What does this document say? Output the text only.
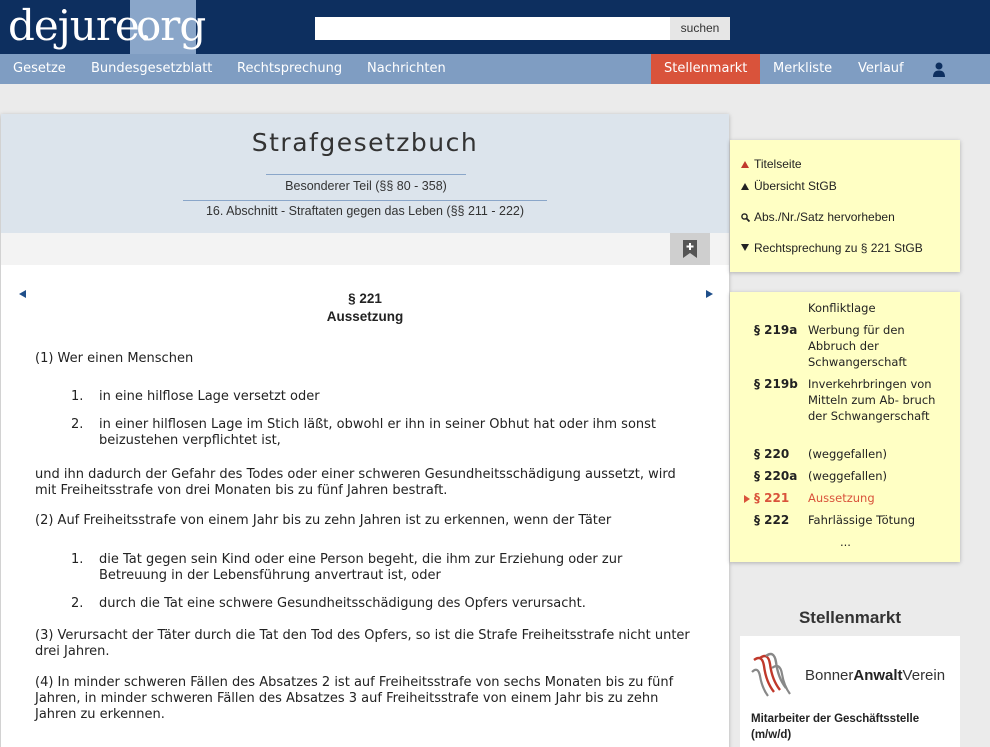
dejure.
org	suchen
Gesetze	Bundesgesetzblatt	Rechtsprechung	Nachrichten	Stellenmarkt	Merkliste	Verlauf
Strafgesetzbuch
Besonderer Teil (§§ 80 - 358)
16. Abschnitt - Straftaten gegen das Leben (§§ 211 - 222)
§ 221
Aussetzung
(1) Wer einen Menschen
1. in eine hilflose Lage versetzt oder
2. in einer hilflosen Lage im Stich läßt, obwohl er ihn in seiner Obhut hat oder ihm sonst beizustehen verpflichtet ist,
und ihn dadurch der Gefahr des Todes oder einer schweren Gesundheitsschädigung aussetzt, wird mit Freiheitsstrafe von drei Monaten bis zu fünf Jahren bestraft.
(2) Auf Freiheitsstrafe von einem Jahr bis zu zehn Jahren ist zu erkennen, wenn der Täter
1. die Tat gegen sein Kind oder eine Person begeht, die ihm zur Erziehung oder zur Betreuung in der Lebensführung anvertraut ist, oder
2. durch die Tat eine schwere Gesundheitsschädigung des Opfers verursacht.
(3) Verursacht der Täter durch die Tat den Tod des Opfers, so ist die Strafe Freiheitsstrafe nicht unter drei Jahren.
(4) In minder schweren Fällen des Absatzes 2 ist auf Freiheitsstrafe von sechs Monaten bis zu fünf Jahren, in minder schweren Fällen des Absatzes 3 auf Freiheitsstrafe von einem Jahr bis zu zehn Jahren zu erkennen.
Titelseite
Übersicht StGB
Abs./Nr./Satz hervorheben
Rechtsprechung zu § 221 StGB
Konfliktlage
§ 219a Werbung für den Abbruch der Schwangerschaft
§ 219b Inverkehrbringen von Mitteln zum Ab- bruch der Schwangerschaft
§ 220 (weggefallen)
§ 220a (weggefallen)
§ 221 Aussetzung
§ 222 Fahrlässige Tötung
...
Stellenmarkt
BonnerAnwaltVerein
Mitarbeiter der Geschäftsstelle (m/w/d)
